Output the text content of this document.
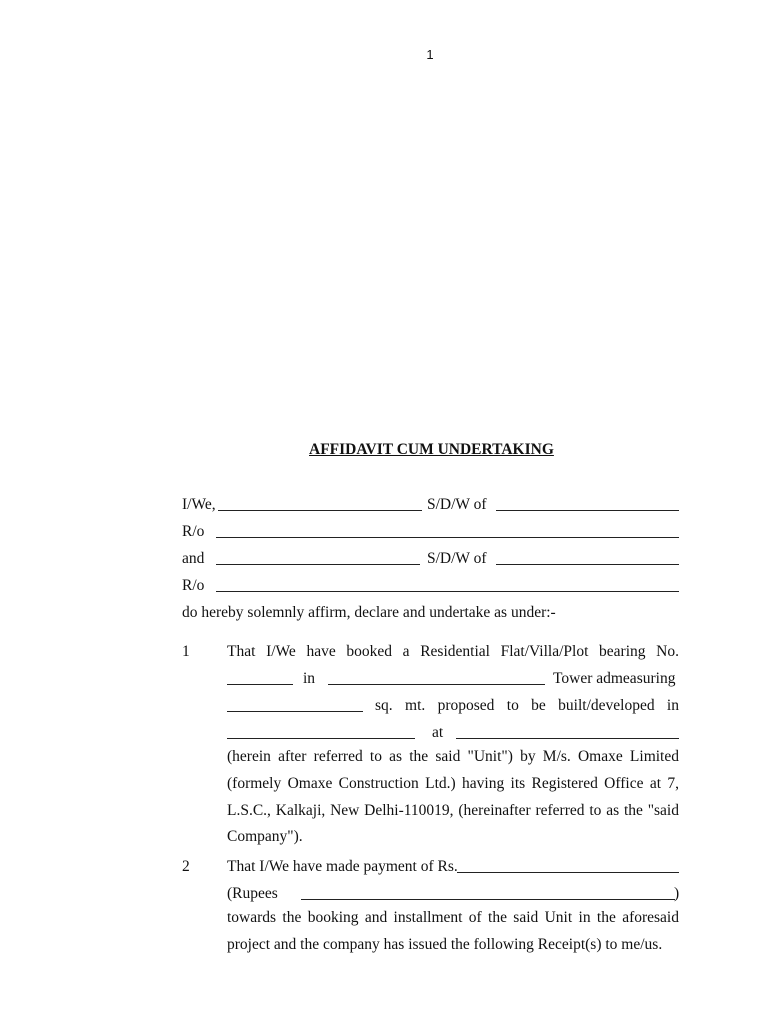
1
AFFIDAVIT CUM UNDERTAKING
I/We,	S/D/W of
R/o
and	S/D/W of
R/o
do hereby solemnly affirm, declare and undertake as under:-
1 That I/We have booked a Residential Flat/Villa/Plot bearing No.
in	Tower admeasuring
sq. mt. proposed to be built/developed in
at
(herein after referred to as the said "Unit") by M/s. Omaxe Limited (formely Omaxe Construction Ltd.) having its Registered Office at 7, L.S.C., Kalkaji, New Delhi-110019, (hereinafter referred to as the "said Company").
2 That I/We have made payment of Rs.
(Rupees	)
towards the booking and installment of the said Unit in the aforesaid project and the company has issued the following Receipt(s) to me/us.
